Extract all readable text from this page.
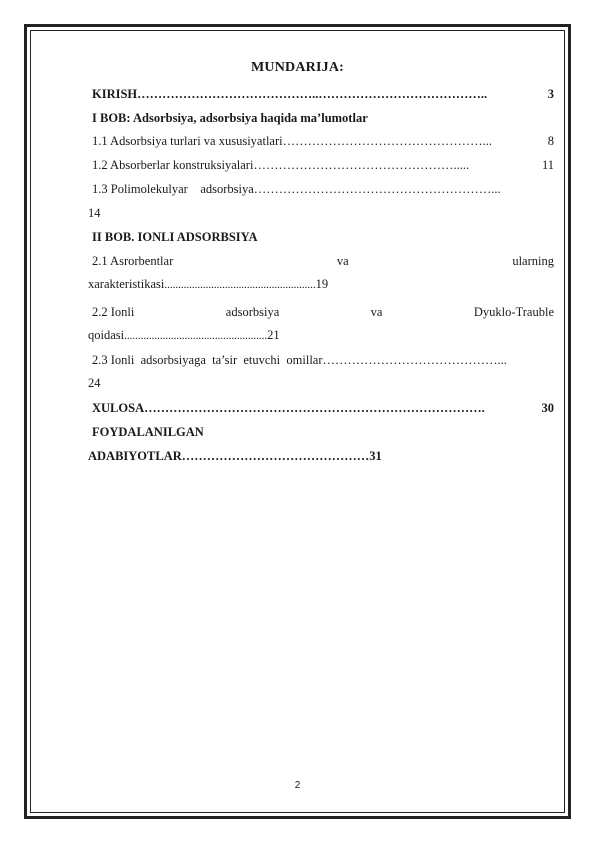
MUNDARIJA:
KIRISH ……………………………………..…………………………………..	3
I BOB: Adsorbsiya, adsorbsiya haqida ma’lumotlar
1.1 Adsorbsiya turlari va xususiyatlari …………………………………………...	8
1.2 Absorberlar konstruksiyalari ………………………………………….....	11
1.3 Polimolekulyar    adsorbsiya …………………………………………………...
14
II BOB. IONLI ADSORBSIYA
2.1 Asrorbentlar	va	ularning
xarakteristikasi.......................................................19
2.2 Ionli	adsorbsiya	va	Dyuklo-Trauble
qoidasi....................................................21
2.3 Ionli  adsorbsiyaga  ta’sir  etuvchi  omillar ……………………………………...
24
XULOSA ……………………………………………………………………….	30
FOYDALANILGAN
ADABIYOTLAR………………………………………31
2
